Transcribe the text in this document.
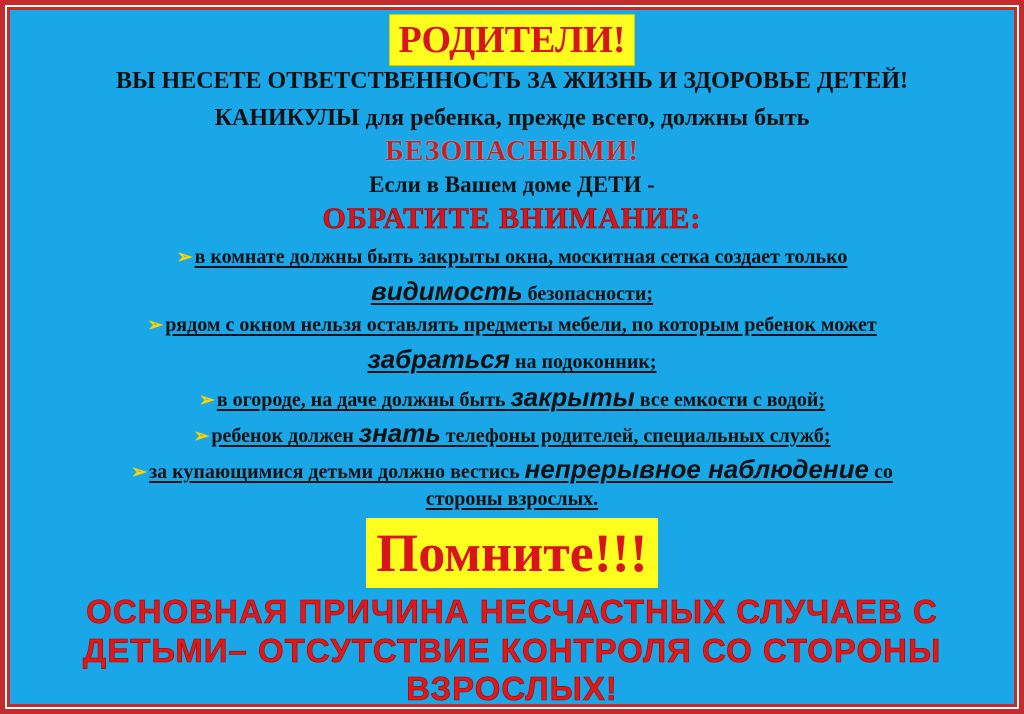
РОДИТЕЛИ!
ВЫ НЕСЕТЕ ОТВЕТСТВЕННОСТЬ ЗА ЖИЗНЬ И ЗДОРОВЬЕ ДЕТЕЙ!
КАНИКУЛЫ для ребенка, прежде всего, должны быть
БЕЗОПАСНЫМИ!
Если в Вашем доме ДЕТИ -
ОБРАТИТЕ ВНИМАНИЕ:
➢ в комнате должны быть закрыты окна, москитная сетка создает только
видимость безопасности;
➢ рядом с окном нельзя оставлять предметы мебели, по которым ребенок может
забраться на подоконник;
➢ в огороде, на даче должны быть закрыты все емкости с водой;
➢ ребенок должен знать телефоны родителей, специальных служб;
➢ за купающимися детьми должно вестись непрерывное наблюдение со
стороны взрослых.
Помните!!!
ОСНОВНАЯ ПРИЧИНА НЕСЧАСТНЫХ СЛУЧАЕВ С
ДЕТЬМИ– ОТСУТСТВИЕ КОНТРОЛЯ СО СТОРОНЫ
ВЗРОСЛЫХ!
